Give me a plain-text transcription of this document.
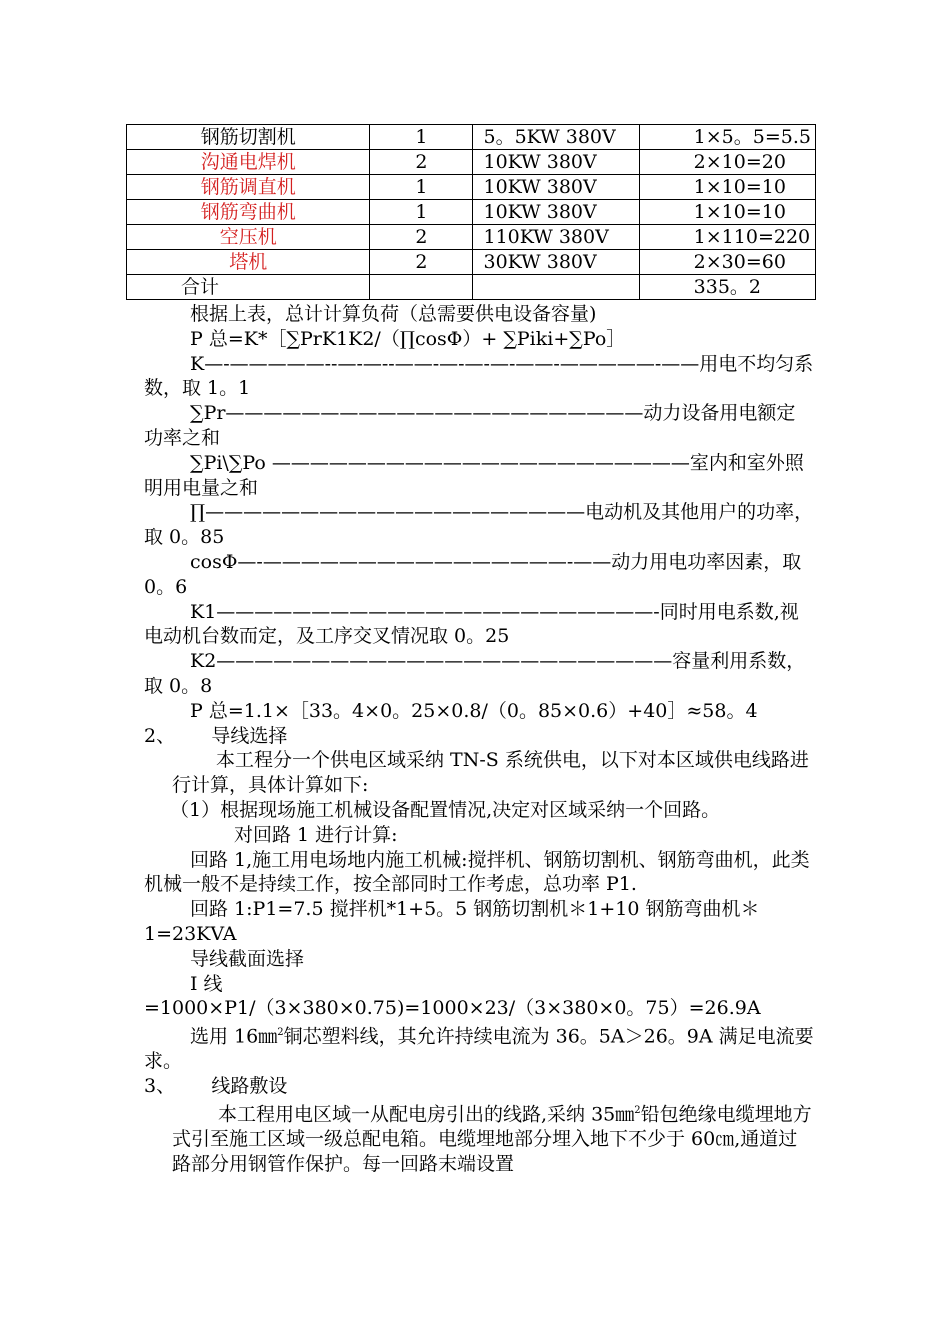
钢筋切割机	1	5。5KW 380V	1×5。5=5.5
沟通电焊机	2	10KW 380V	2×10=20
钢筋调直机	1	10KW 380V	1×10=10
钢筋弯曲机	1	10KW 380V	1×10=10
空压机	2	110KW 380V	1×110=220
塔机	2	30KW 380V	2×30=60
合计			335。2

根据上表，总计计算负荷（总需要供电设备容量)

P 总=K*［∑PrK1K2/（∏cosΦ）+ ∑Piki+∑Po］

K—-—————--—-—--——-—-—-—-——-—————-——用电不均匀系数，取 1。1

∑Pr——————————————————————动力设备用电额定功率之和

∑Pi\∑Po ——————————————————————室内和室外照明用电量之和

∏————————————————————电动机及其他用户的功率，取 0。85

cosΦ—-————————————————-——动力用电功率因素，取 0。6

K1———————————————————————-同时用电系数,视电动机台数而定，及工序交叉情况取 0。25

K2————————————————————————容量利用系数，取 0。8

P 总=1.1×［33。4×0。25×0.8/（0。85×0.6）+40］≈58。4

2、      导线选择

本工程分一个供电区域采纳 TN-S 系统供电，以下对本区域供电线路进行计算，具体计算如下:

（1）根据现场施工机械设备配置情况,决定对区域采纳一个回路。

对回路 1 进行计算:

回路 1,施工用电场地内施工机械:搅拌机、钢筋切割机、钢筋弯曲机，此类机械一般不是持续工作，按全部同时工作考虑，总功率 P1.

回路 1:P1=7.5 搅拌机*1+5。5 钢筋切割机＊1+10 钢筋弯曲机＊1=23KVA

导线截面选择

Ⅰ 线

=1000×P1/（3×380×0.75)=1000×23/（3×380×0。75）=26.9A

选用 16㎜$^2$铜芯塑料线，其允许持续电流为 36。5A＞26。9A 满足电流要求。

3、      线路敷设

本工程用电区域一从配电房引出的线路,采纳 35㎜$^2$铅包绝缘电缆埋地方式引至施工区域一级总配电箱。电缆埋地部分埋入地下不少于 60㎝,通道过路部分用钢管作保护。每一回路末端设置
